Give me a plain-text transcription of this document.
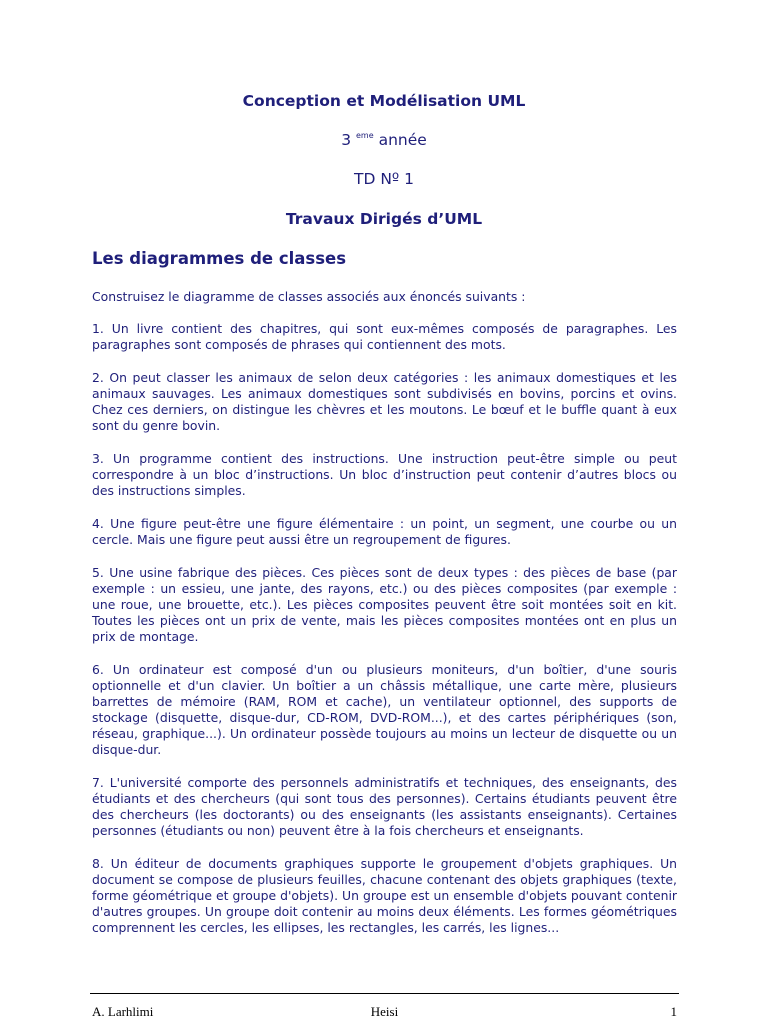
Conception et Modélisation UML
3 $^{eme}$ année
TD Nº 1
Travaux Dirigés d’UML
Les diagrammes de classes

Construisez le diagramme de classes associés aux énoncés suivants :

1. Un livre contient des chapitres, qui sont eux-mêmes composés de paragraphes. Les paragraphes sont composés de phrases qui contiennent des mots.

2. On peut classer les animaux de selon deux catégories : les animaux domestiques et les animaux sauvages. Les animaux domestiques sont subdivisés en bovins, porcins et ovins. Chez ces derniers, on distingue les chèvres et les moutons. Le bœuf et le buffle quant à eux sont du genre bovin.

3. Un programme contient des instructions. Une instruction peut-être simple ou peut correspondre à un bloc d’instructions. Un bloc d’instruction peut contenir d’autres blocs ou des instructions simples.

4. Une figure peut-être une figure élémentaire : un point, un segment, une courbe ou un cercle. Mais une figure peut aussi être un regroupement de figures.

5. Une usine fabrique des pièces. Ces pièces sont de deux types : des pièces de base (par exemple : un essieu, une jante, des rayons, etc.) ou des pièces composites (par exemple : une roue, une brouette, etc.). Les pièces composites peuvent être soit montées soit en kit. Toutes les pièces ont un prix de vente, mais les pièces composites montées ont en plus un prix de montage.

6. Un ordinateur est composé d'un ou plusieurs moniteurs, d'un boîtier, d'une souris optionnelle et d'un clavier. Un boîtier a un châssis métallique, une carte mère, plusieurs barrettes de mémoire (RAM, ROM et cache), un ventilateur optionnel, des supports de stockage (disquette, disque-dur, CD-ROM, DVD-ROM...), et des cartes périphériques (son, réseau, graphique...). Un ordinateur possède toujours au moins un lecteur de disquette ou un disque-dur.

7. L'université comporte des personnels administratifs et techniques, des enseignants, des étudiants et des chercheurs (qui sont tous des personnes). Certains étudiants peuvent être des chercheurs (les doctorants) ou des enseignants (les assistants enseignants). Certaines personnes (étudiants ou non) peuvent être à la fois chercheurs et enseignants.

8. Un éditeur de documents graphiques supporte le groupement d'objets graphiques. Un document se compose de plusieurs feuilles, chacune contenant des objets graphiques (texte, forme géométrique et groupe d'objets). Un groupe est un ensemble d'objets pouvant contenir d'autres groupes. Un groupe doit contenir au moins deux éléments. Les formes géométriques comprennent les cercles, les ellipses, les rectangles, les carrés, les lignes...

A. Larhlimi	Heisi	1
